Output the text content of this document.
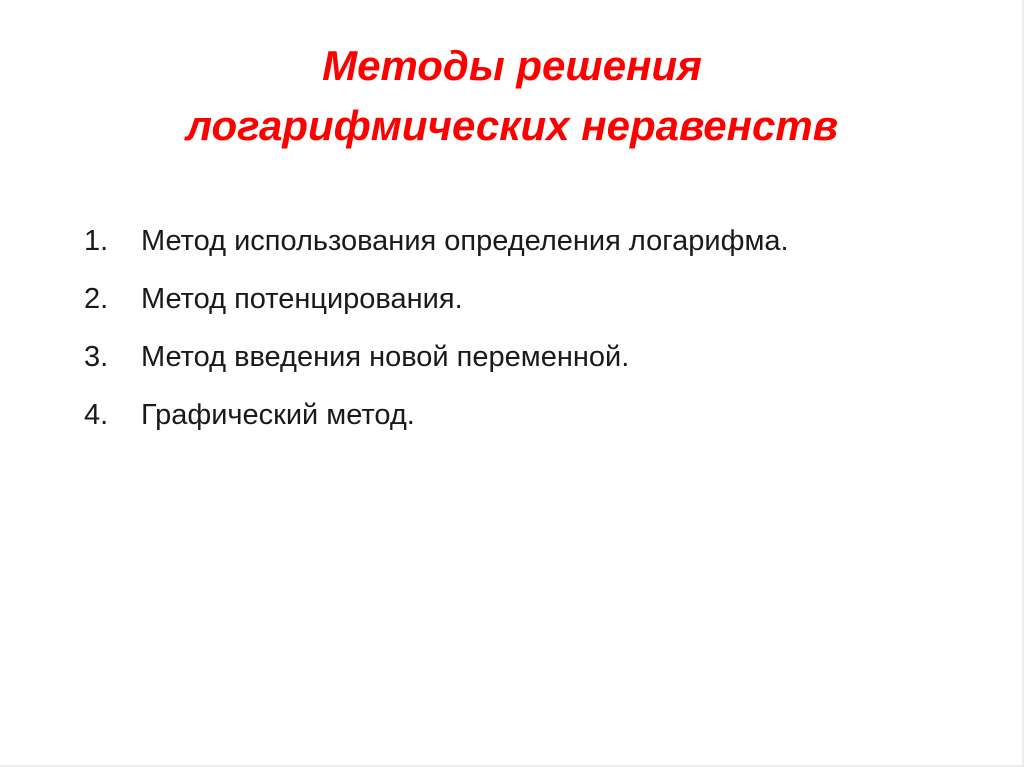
Методы решения
логарифмических неравенств
1.	Метод использования определения логарифма.
2.	Метод потенцирования.
3.	Метод введения новой переменной.
4.	Графический метод.
